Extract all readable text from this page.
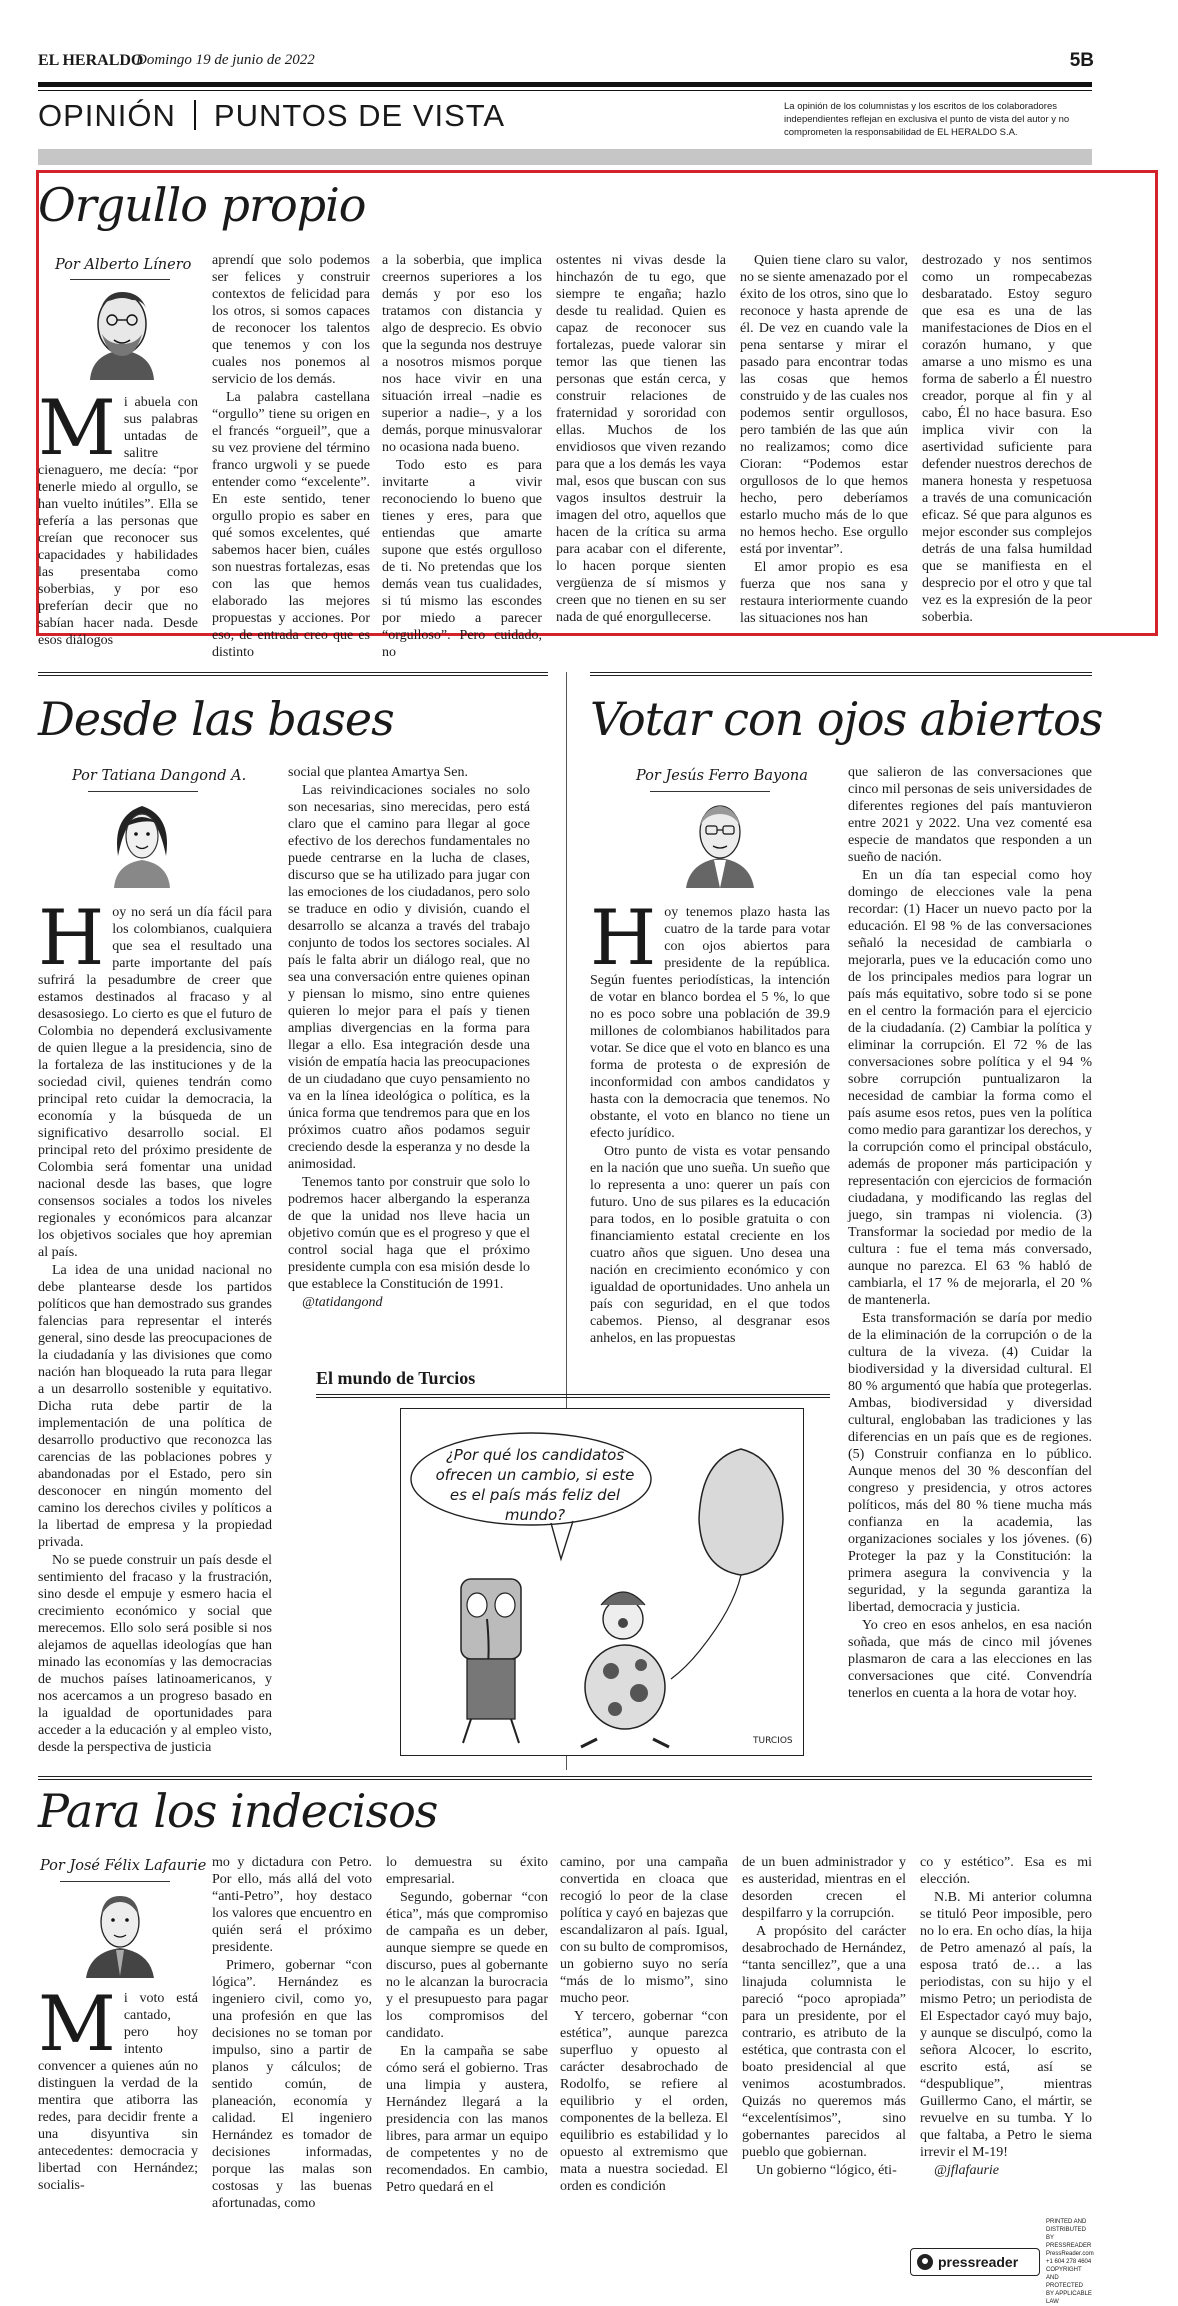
EL HERALDO
Domingo 19 de junio de 2022	5B
OPINIÓN PUNTOS DE VISTA	La opinión de los columnistas y los escritos de los colaboradores independientes reflejan en exclusiva el punto de vista del autor y no comprometen la responsabilidad de EL HERALDO S.A.
Orgullo propio
Por Alberto Línero
M i abuela con sus palabras untadas de salitre cienaguero, me decía: “por tenerle miedo al orgullo, se han vuelto inútiles”. Ella se refería a las personas que creían que reconocer sus capacidades y habilidades las presentaba como soberbias, y por eso preferían decir que no sabían hacer nada. Desde esos diálogos

aprendí que solo podemos ser felices y construir contextos de felicidad para los otros, si somos capaces de reconocer los talentos que tenemos y con los cuales nos ponemos al servicio de los demás.

La palabra castellana “orgullo” tiene su origen en el francés “orgueil”, que a su vez proviene del término franco urgwoli y se puede entender como “excelente”. En este sentido, tener orgullo propio es saber en qué somos excelentes, qué sabemos hacer bien, cuáles son nuestras fortalezas, esas con las que hemos elaborado las mejores propuestas y acciones. Por eso, de entrada creo que es distinto

a la soberbia, que implica creernos superiores a los demás y por eso los tratamos con distancia y algo de desprecio. Es obvio que la segunda nos destruye a nosotros mismos porque nos hace vivir en una situación irreal –nadie es superior a nadie–, y a los demás, porque minusvalorar no ocasiona nada bueno.

Todo esto es para invitarte a vivir reconociendo lo bueno que tienes y eres, para que entiendas que amarte supone que estés orgulloso de ti. No pretendas que los demás vean tus cualidades, si tú mismo las escondes por miedo a parecer “orgulloso”. Pero cuidado, no

ostentes ni vivas desde la hinchazón de tu ego, que siempre te engaña; hazlo desde tu realidad. Quien es capaz de reconocer sus fortalezas, puede valorar sin temor las que tienen las personas que están cerca, y construir relaciones de fraternidad y sororidad con ellas. Muchos de los envidiosos que viven rezando para que a los demás les vaya mal, esos que buscan con sus vagos insultos destruir la imagen del otro, aquellos que hacen de la crítica su arma para acabar con el diferente, lo hacen porque sienten vergüenza de sí mismos y creen que no tienen en su ser nada de qué enorgullecerse.

Quien tiene claro su valor, no se siente amenazado por el éxito de los otros, sino que lo reconoce y hasta aprende de él. De vez en cuando vale la pena sentarse y mirar el pasado para encontrar todas las cosas que hemos construido y de las cuales nos podemos sentir orgullosos, pero también de las que aún no realizamos; como dice Cioran: “Podemos estar orgullosos de lo que hemos hecho, pero deberíamos estarlo mucho más de lo que no hemos hecho. Ese orgullo está por inventar”.

El amor propio es esa fuerza que nos sana y restaura interiormente cuando las situaciones nos han

destrozado y nos sentimos como un rompecabezas desbaratado. Estoy seguro que esa es una de las manifestaciones de Dios en el corazón humano, y que amarse a uno mismo es una forma de saberlo a Él nuestro creador, porque al fin y al cabo, Él no hace basura. Eso implica vivir con la asertividad suficiente para defender nuestros derechos de manera honesta y respetuosa a través de una comunicación eficaz. Sé que para algunos es mejor esconder sus complejos detrás de una falsa humildad que se manifiesta en el desprecio por el otro y que tal vez es la expresión de la peor soberbia.

Desde las bases
Por Tatiana Dangond A.
H oy no será un día fácil para los colombianos, cualquiera que sea el resultado una parte importante del país sufrirá la pesadumbre de creer que estamos destinados al fracaso y al desasosiego. Lo cierto es que el futuro de Colombia no dependerá exclusivamente de quien llegue a la presidencia, sino de la fortaleza de las instituciones y de la sociedad civil, quienes tendrán como principal reto cuidar la democracia, la economía y la búsqueda de un significativo desarrollo social. El principal reto del próximo presidente de Colombia será fomentar una unidad nacional desde las bases, que logre consensos sociales a todos los niveles regionales y económicos para alcanzar los objetivos sociales que hoy apremian al país.

La idea de una unidad nacional no debe plantearse desde los partidos políticos que han demostrado sus grandes falencias para representar el interés general, sino desde las preocupaciones de la ciudadanía y las divisiones que como nación han bloqueado la ruta para llegar a un desarrollo sostenible y equitativo. Dicha ruta debe partir de la implementación de una política de desarrollo productivo que reconozca las carencias de las poblaciones pobres y abandonadas por el Estado, pero sin desconocer en ningún momento del camino los derechos civiles y políticos a la libertad de empresa y la propiedad privada.

No se puede construir un país desde el sentimiento del fracaso y la frustración, sino desde el empuje y esmero hacia el crecimiento económico y social que merecemos. Ello solo será posible si nos alejamos de aquellas ideologías que han minado las economías y las democracias de muchos países latinoamericanos, y nos acercamos a un progreso basado en la igualdad de oportunidades para acceder a la educación y al empleo visto, desde la perspectiva de justicia

social que plantea Amartya Sen.

Las reivindicaciones sociales no solo son necesarias, sino merecidas, pero está claro que el camino para llegar al goce efectivo de los derechos fundamentales no puede centrarse en la lucha de clases, discurso que se ha utilizado para jugar con las emociones de los ciudadanos, pero solo se traduce en odio y división, cuando el desarrollo se alcanza a través del trabajo conjunto de todos los sectores sociales. Al país le falta abrir un diálogo real, que no sea una conversación entre quienes opinan y piensan lo mismo, sino entre quienes quieren lo mejor para el país y tienen amplias divergencias en la forma para llegar a ello. Esa integración desde una visión de empatía hacia las preocupaciones de un ciudadano que cuyo pensamiento no va en la línea ideológica o política, es la única forma que tendremos para que en los próximos cuatro años podamos seguir creciendo desde la esperanza y no desde la animosidad.

Tenemos tanto por construir que solo lo podremos hacer albergando la esperanza de que la unidad nos lleve hacia un objetivo común que es el progreso y que el control social haga que el próximo presidente cumpla con esa misión desde lo que establece la Constitución de 1991.

@tatidangond

Votar con ojos abiertos
Por Jesús Ferro Bayona
H oy tenemos plazo hasta las cuatro de la tarde para votar con ojos abiertos para presidente de la república. Según fuentes periodísticas, la intención de votar en blanco bordea el 5 %, lo que no es poco sobre una población de 39.9 millones de colombianos habilitados para votar. Se dice que el voto en blanco es una forma de protesta o de expresión de inconformidad con ambos candidatos y hasta con la democracia que tenemos. No obstante, el voto en blanco no tiene un efecto jurídico.

Otro punto de vista es votar pensando en la nación que uno sueña. Un sueño que lo representa a uno: querer un país con futuro. Uno de sus pilares es la educación para todos, en lo posible gratuita o con financiamiento estatal creciente en los cuatro años que siguen. Uno desea una nación en crecimiento económico y con igualdad de oportunidades. Uno anhela un país con seguridad, en el que todos cabemos. Pienso, al desgranar esos anhelos, en las propuestas

que salieron de las conversaciones que cinco mil personas de seis universidades de diferentes regiones del país mantuvieron entre 2021 y 2022. Una vez comenté esa especie de mandatos que responden a un sueño de nación.

En un día tan especial como hoy domingo de elecciones vale la pena recordar: (1) Hacer un nuevo pacto por la educación. El 98 % de las conversaciones señaló la necesidad de cambiarla o mejorarla, pues ve la educación como uno de los principales medios para lograr un país más equitativo, sobre todo si se pone en el centro la formación para el ejercicio de la ciudadanía. (2) Cambiar la política y eliminar la corrupción. El 72 % de las conversaciones sobre política y el 94 % sobre corrupción puntualizaron la necesidad de cambiar la forma como el país asume esos retos, pues ven la política como medio para garantizar los derechos, y la corrupción como el principal obstáculo, además de proponer más participación y representación con ejercicios de formación ciudadana, y modificando las reglas del juego, sin trampas ni violencia. (3) Transformar la sociedad por medio de la cultura : fue el tema más conversado, aunque no parezca. El 63 % habló de cambiarla, el 17 % de mejorarla, el 20 % de mantenerla.

Esta transformación se daría por medio de la eliminación de la corrupción o de la cultura de la viveza. (4) Cuidar la biodiversidad y la diversidad cultural. El 80 % argumentó que había que protegerlas. Ambas, biodiversidad y diversidad cultural, englobaban las tradiciones y las diferencias en un país que es de regiones. (5) Construir confianza en lo público. Aunque menos del 30 % desconfían del congreso y presidencia, y otros actores políticos, más del 80 % tiene mucha más confianza en la academia, las organizaciones sociales y los jóvenes. (6) Proteger la paz y la Constitución: la primera asegura la convivencia y la seguridad, y la segunda garantiza la libertad, democracia y justicia.

Yo creo en esos anhelos, en esa nación soñada, que más de cinco mil jóvenes plasmaron de cara a las elecciones en las conversaciones que cité. Convendría tenerlos en cuenta a la hora de votar hoy.

El mundo de Turcios
¿Por qué los candidatos ofrecen un cambio, si este es el país más feliz del mundo?
TURCIOS
Para los indecisos
Por José Félix Lafaurie
M i voto está cantado, pero hoy intento convencer a quienes aún no distinguen la verdad de la mentira que atiborra las redes, para decidir frente a una disyuntiva sin antecedentes: democracia y libertad con Hernández; socialis-

mo y dictadura con Petro. Por ello, más allá del voto “anti-Petro”, hoy destaco los valores que encuentro en quién será el próximo presidente.

Primero, gobernar “con lógica”. Hernández es ingeniero civil, como yo, una profesión en que las decisiones no se toman por impulso, sino a partir de planos y cálculos; de sentido común, de planeación, economía y calidad. El ingeniero Hernández es tomador de decisiones informadas, porque las malas son costosas y las buenas afortunadas, como

lo demuestra su éxito empresarial.

Segundo, gobernar “con ética”, más que compromiso de campaña es un deber, aunque siempre se quede en discurso, pues al gobernante no le alcanzan la burocracia y el presupuesto para pagar los compromisos del candidato.

En la campaña se sabe cómo será el gobierno. Tras una limpia y austera, Hernández llegará a la presidencia con las manos libres, para armar un equipo de competentes y no de recomendados. En cambio, Petro quedará en el

camino, por una campaña convertida en cloaca que recogió lo peor de la clase política y cayó en bajezas que escandalizaron al país. Igual, con su bulto de compromisos, un gobierno suyo no sería “más de lo mismo”, sino mucho peor.

Y tercero, gobernar “con estética”, aunque parezca superfluo y opuesto al carácter desabrochado de Rodolfo, se refiere al equilibrio y el orden, componentes de la belleza. El equilibrio es estabilidad y lo opuesto al extremismo que mata a nuestra sociedad. El orden es condición

de un buen administrador y es austeridad, mientras en el desorden crecen el despilfarro y la corrupción.

A propósito del carácter desabrochado de Hernández, “tanta sencillez”, que a una linajuda columnista le pareció “poco apropiada” para un presidente, por el contrario, es atributo de la estética, que contrasta con el boato presidencial al que venimos acostumbrados. Quizás no queremos más “excelentísimos”, sino gobernantes parecidos al pueblo que gobiernan.

Un gobierno “lógico, éti-

co y estético”. Esa es mi elección.

N.B. Mi anterior columna se tituló Peor imposible, pero no lo era. En ocho días, la hija de Petro amenazó al país, la esposa trató de… a las periodistas, con su hijo y el mismo Petro; un periodista de El Espectador cayó muy bajo, y aunque se disculpó, como la señora Alcocer, lo escrito, escrito está, así se “despublique”, mientras Guillermo Cano, el mártir, se revuelve en su tumba. Y lo que faltaba, a Petro le siema irrevir el M-19!

@jflafaurie

pressreader
PRINTED AND DISTRIBUTED BY PRESSREADER PressReader.com +1 604 278 4604 COPYRIGHT AND PROTECTED BY APPLICABLE LAW
